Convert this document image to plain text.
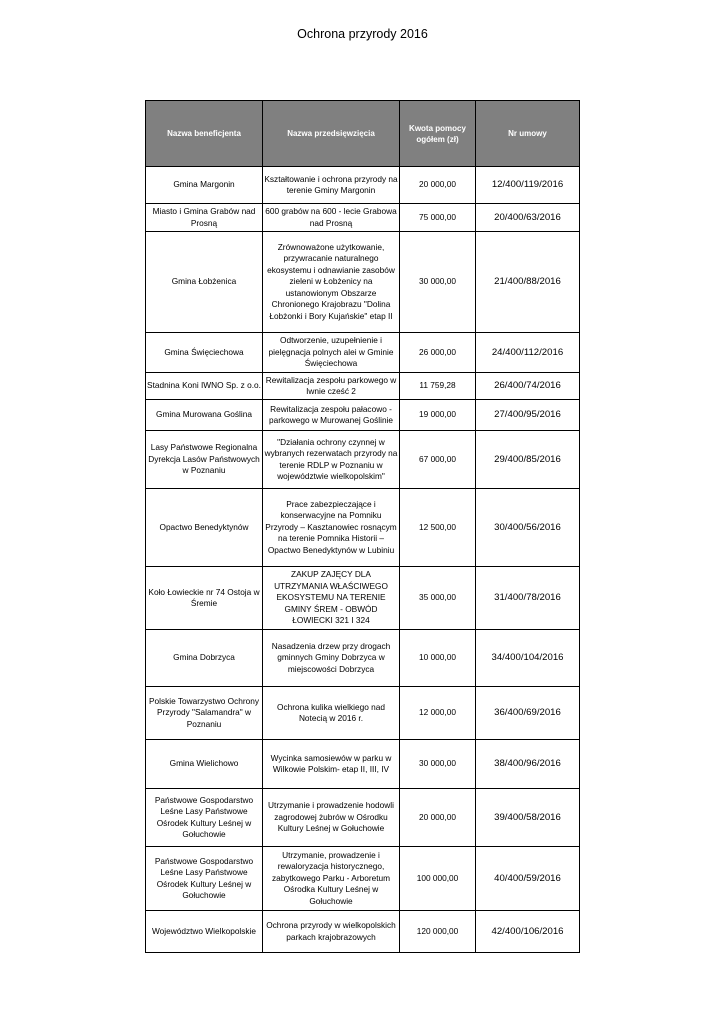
Ochrona przyrody 2016
Nazwa beneficjenta	Nazwa przedsięwzięcia	Kwota pomocy ogółem (zł)	Nr umowy
Gmina Margonin	Kształtowanie i ochrona przyrody na terenie Gminy Margonin	20 000,00	12/400/119/2016
Miasto i Gmina Grabów nad Prosną	600 grabów na 600 - lecie Grabowa nad Prosną	75 000,00	20/400/63/2016
Gmina Łobżenica	Zrównoważone użytkowanie, przywracanie naturalnego ekosystemu i odnawianie zasobów zieleni w Łobżenicy na ustanowionym Obszarze Chronionego Krajobrazu "Dolina Łobżonki i Bory Kujańskie" etap II	30 000,00	21/400/88/2016
Gmina Święciechowa	Odtworzenie, uzupełnienie i pielęgnacja polnych alei w Gminie Święciechowa	26 000,00	24/400/112/2016
Stadnina Koni IWNO Sp. z o.o.	Rewitalizacja zespołu parkowego w Iwnie cześć 2	11 759,28	26/400/74/2016
Gmina Murowana Goślina	Rewitalizacja zespołu pałacowo - parkowego w Murowanej Goślinie	19 000,00	27/400/95/2016
Lasy Państwowe Regionalna Dyrekcja Lasów Państwowych w Poznaniu	"Działania ochrony czynnej w wybranych rezerwatach przyrody na terenie RDLP w Poznaniu w województwie wielkopolskim"	67 000,00	29/400/85/2016
Opactwo Benedyktynów	Prace zabezpieczające i konserwacyjne na Pomniku Przyrody – Kasztanowiec rosnącym na terenie Pomnika Historii – Opactwo Benedyktynów w Lubiniu	12 500,00	30/400/56/2016
Koło Łowieckie nr 74 Ostoja w Śremie	ZAKUP ZAJĘCY DLA UTRZYMANIA WŁAŚCIWEGO EKOSYSTEMU NA TERENIE GMINY ŚREM - OBWÓD ŁOWIECKI 321 I 324	35 000,00	31/400/78/2016
Gmina Dobrzyca	Nasadzenia drzew przy drogach gminnych Gminy Dobrzyca w miejscowości Dobrzyca	10 000,00	34/400/104/2016
Polskie Towarzystwo Ochrony Przyrody "Salamandra" w Poznaniu	Ochrona kulika wielkiego nad Notecią w 2016 r.	12 000,00	36/400/69/2016
Gmina Wielichowo	Wycinka samosiewów w parku w Wilkowie Polskim- etap II, III, IV	30 000,00	38/400/96/2016
Państwowe Gospodarstwo Leśne Lasy Państwowe Ośrodek Kultury Leśnej w Gołuchowie	Utrzymanie i prowadzenie hodowli zagrodowej żubrów w Ośrodku Kultury Leśnej w Gołuchowie	20 000,00	39/400/58/2016
Państwowe Gospodarstwo Leśne Lasy Państwowe Ośrodek Kultury Leśnej w Gołuchowie	Utrzymanie, prowadzenie i rewaloryzacja historycznego, zabytkowego Parku - Arboretum Ośrodka Kultury Leśnej w Gołuchowie	100 000,00	40/400/59/2016
Województwo Wielkopolskie	Ochrona przyrody w wielkopolskich parkach krajobrazowych	120 000,00	42/400/106/2016
